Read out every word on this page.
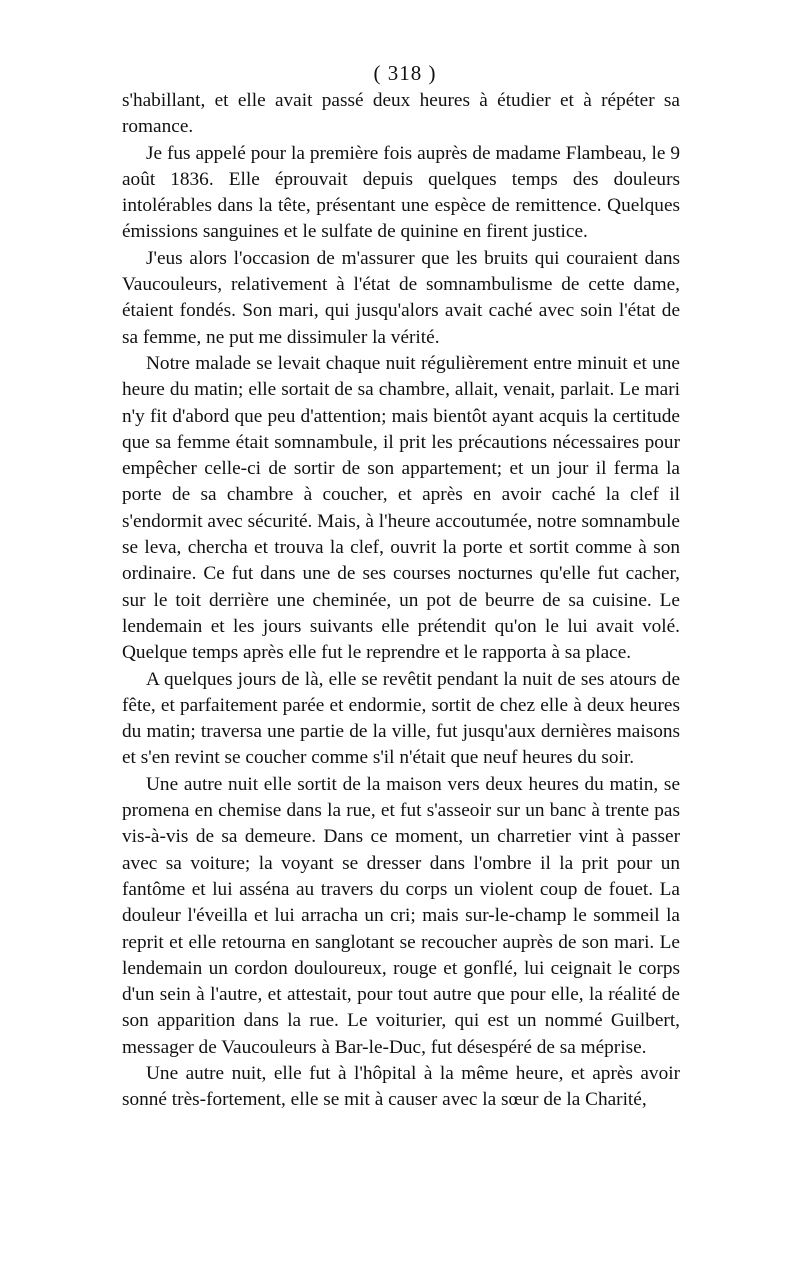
( 318 )

s'habillant, et elle avait passé deux heures à étudier et à répéter sa romance.

Je fus appelé pour la première fois auprès de madame Flambeau, le 9 août 1836. Elle éprouvait depuis quelques temps des douleurs intolérables dans la tête, présentant une espèce de remittence. Quelques émissions sanguines et le sulfate de quinine en firent justice.

J'eus alors l'occasion de m'assurer que les bruits qui couraient dans Vaucouleurs, relativement à l'état de somnambulisme de cette dame, étaient fondés. Son mari, qui jusqu'alors avait caché avec soin l'état de sa femme, ne put me dissimuler la vérité.

Notre malade se levait chaque nuit régulièrement entre minuit et une heure du matin; elle sortait de sa chambre, allait, venait, parlait. Le mari n'y fit d'abord que peu d'attention; mais bientôt ayant acquis la certitude que sa femme était somnambule, il prit les précautions nécessaires pour empêcher celle-ci de sortir de son appartement; et un jour il ferma la porte de sa chambre à coucher, et après en avoir caché la clef il s'endormit avec sécurité. Mais, à l'heure accoutumée, notre somnambule se leva, chercha et trouva la clef, ouvrit la porte et sortit comme à son ordinaire. Ce fut dans une de ses courses nocturnes qu'elle fut cacher, sur le toit derrière une cheminée, un pot de beurre de sa cuisine. Le lendemain et les jours suivants elle prétendit qu'on le lui avait volé. Quelque temps après elle fut le reprendre et le rapporta à sa place.

A quelques jours de là, elle se revêtit pendant la nuit de ses atours de fête, et parfaitement parée et endormie, sortit de chez elle à deux heures du matin; traversa une partie de la ville, fut jusqu'aux dernières maisons et s'en revint se coucher comme s'il n'était que neuf heures du soir.

Une autre nuit elle sortit de la maison vers deux heures du matin, se promena en chemise dans la rue, et fut s'asseoir sur un banc à trente pas vis-à-vis de sa demeure. Dans ce moment, un charretier vint à passer avec sa voiture; la voyant se dresser dans l'ombre il la prit pour un fantôme et lui asséna au travers du corps un violent coup de fouet. La douleur l'éveilla et lui arracha un cri; mais sur-le-champ le sommeil la reprit et elle retourna en sanglotant se recoucher auprès de son mari. Le lendemain un cordon douloureux, rouge et gonflé, lui ceignait le corps d'un sein à l'autre, et attestait, pour tout autre que pour elle, la réalité de son apparition dans la rue. Le voiturier, qui est un nommé Guilbert, messager de Vaucouleurs à Bar-le-Duc, fut désespéré de sa méprise.

Une autre nuit, elle fut à l'hôpital à la même heure, et après avoir sonné très-fortement, elle se mit à causer avec la sœur de la Charité,
